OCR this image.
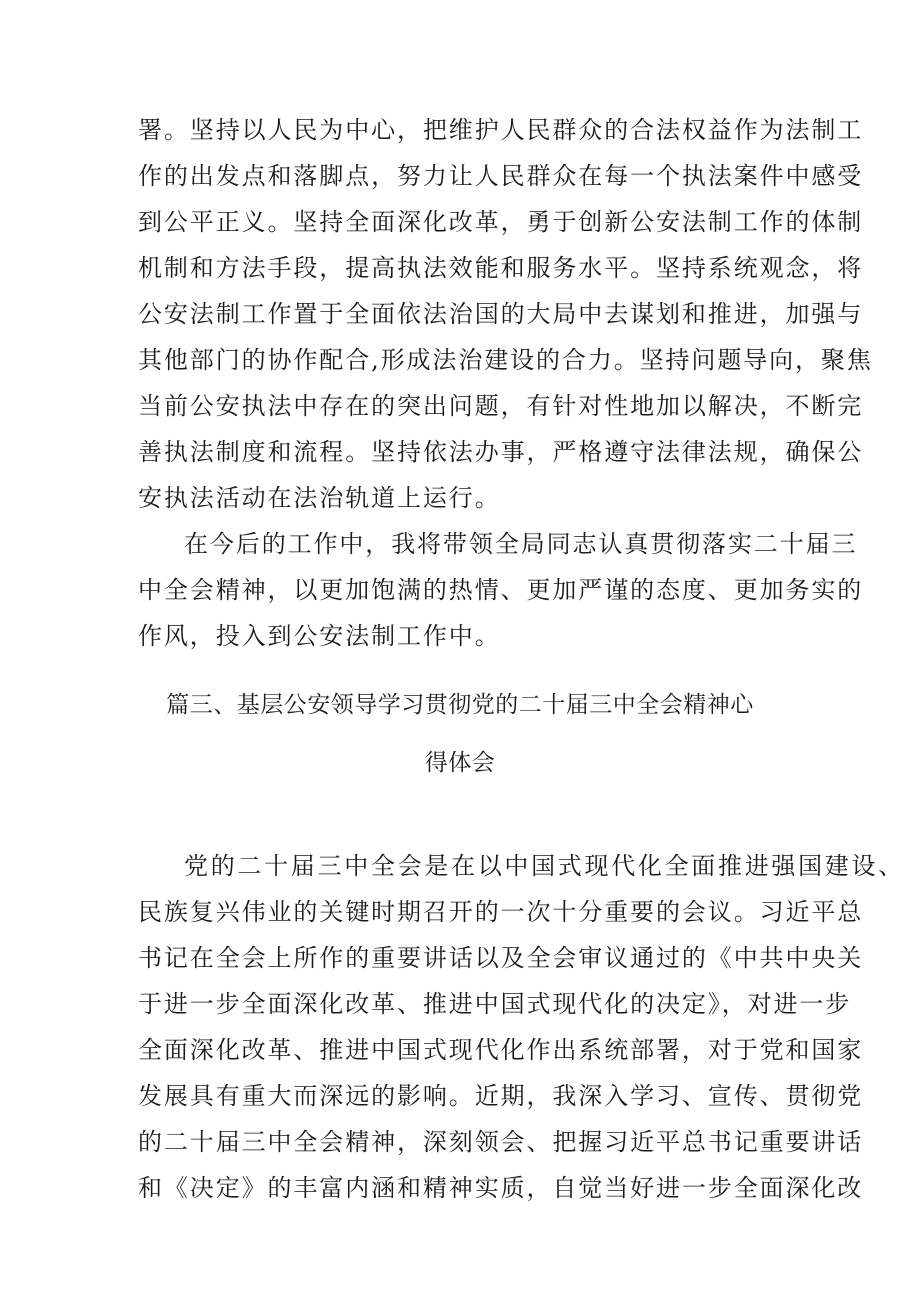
署。坚持以人民为中心，把维护人民群众的合法权益作为法制工
作的出发点和落脚点，努力让人民群众在每一个执法案件中感受
到公平正义。坚持全面深化改革，勇于创新公安法制工作的体制
机制和方法手段，提高执法效能和服务水平。坚持系统观念，将
公安法制工作置于全面依法治国的大局中去谋划和推进，加强与
其他部门的协作配合,形成法治建设的合力。坚持问题导向，聚焦
当前公安执法中存在的突出问题，有针对性地加以解决，不断完
善执法制度和流程。坚持依法办事，严格遵守法律法规，确保公
安执法活动在法治轨道上运行。
在今后的工作中，我将带领全局同志认真贯彻落实二十届三
中全会精神，以更加饱满的热情、更加严谨的态度、更加务实的
作风，投入到公安法制工作中。
篇三、基层公安领导学习贯彻党的二十届三中全会精神心
得体会
党的二十届三中全会是在以中国式现代化全面推进强国建设、
民族复兴伟业的关键时期召开的一次十分重要的会议。习近平总
书记在全会上所作的重要讲话以及全会审议通过的《中共中央关
于进一步全面深化改革、推进中国式现代化的决定》，对进一步
全面深化改革、推进中国式现代化作出系统部署，对于党和国家
发展具有重大而深远的影响。近期，我深入学习、宣传、贯彻党
的二十届三中全会精神，深刻领会、把握习近平总书记重要讲话
和《决定》的丰富内涵和精神实质，自觉当好进一步全面深化改
